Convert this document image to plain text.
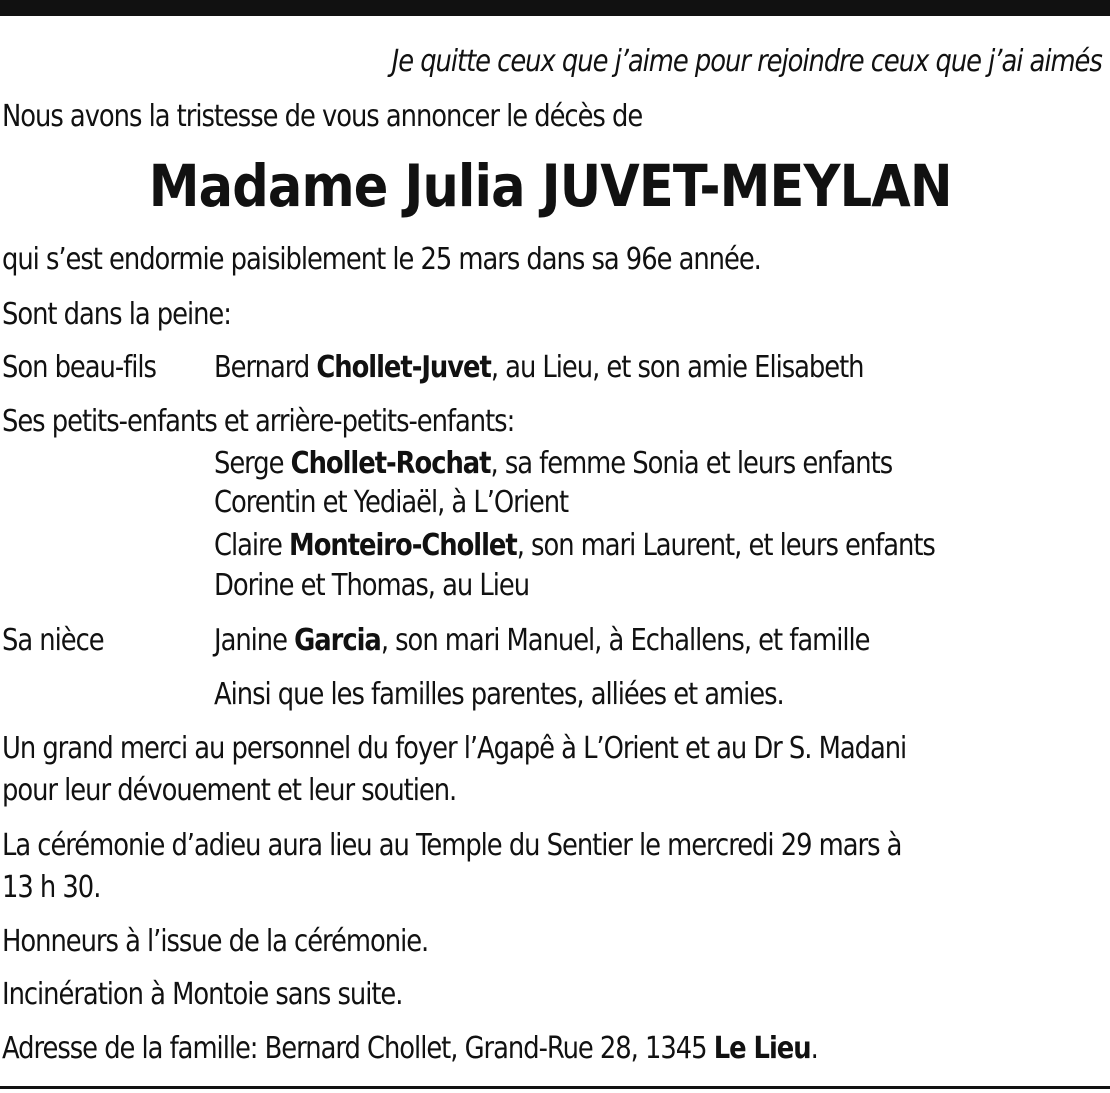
Je quitte ceux que j’aime pour rejoindre ceux que j’ai aimés
Nous avons la tristesse de vous annoncer le décès de
Madame Julia JUVET-MEYLAN
qui s’est endormie paisiblement le 25 mars dans sa 96e année.
Sont dans la peine:
Son beau-fils Bernard Chollet-Juvet, au Lieu, et son amie Elisabeth
Ses petits-enfants et arrière-petits-enfants:
Serge Chollet-Rochat, sa femme Sonia et leurs enfants
Corentin et Yediaël, à L’Orient
Claire Monteiro-Chollet, son mari Laurent, et leurs enfants
Dorine et Thomas, au Lieu
Sa nièce	Janine Garcia, son mari Manuel, à Echallens, et famille
Ainsi que les familles parentes, alliées et amies.
Un grand merci au personnel du foyer l’Agapê à L’Orient et au Dr S. Madani
pour leur dévouement et leur soutien.
La cérémonie d’adieu aura lieu au Temple du Sentier le mercredi 29 mars à
13 h 30.
Honneurs à l’issue de la cérémonie.
Incinération à Montoie sans suite.
Adresse de la famille: Bernard Chollet, Grand-Rue 28, 1345 Le Lieu.
